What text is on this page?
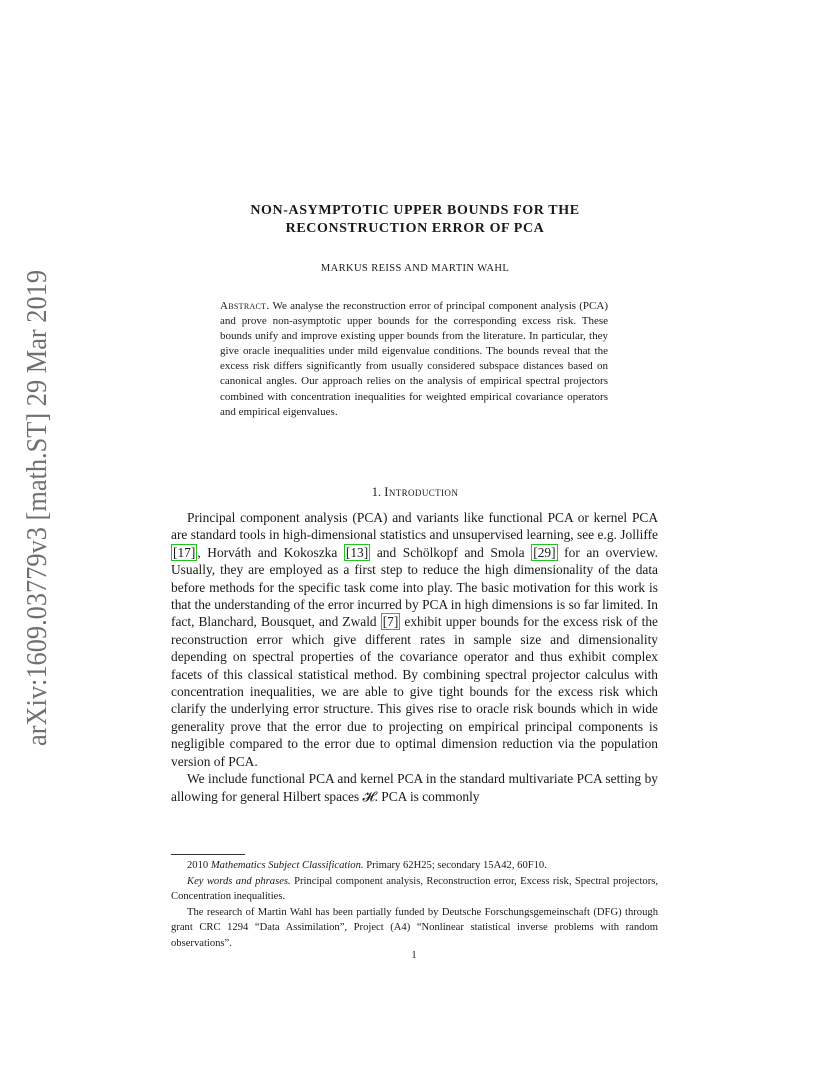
arXiv:1609.03779v3 [math.ST] 29 Mar 2019
NON-ASYMPTOTIC UPPER BOUNDS FOR THE
RECONSTRUCTION ERROR OF PCA
MARKUS REISS AND MARTIN WAHL
Abstract. We analyse the reconstruction error of principal component analysis (PCA) and prove non-asymptotic upper bounds for the corresponding excess risk. These bounds unify and improve existing upper bounds from the literature. In particular, they give oracle inequalities under mild eigenvalue conditions. The bounds reveal that the excess risk differs significantly from usually considered subspace distances based on canonical angles. Our approach relies on the analysis of empirical spectral projectors combined with concentration inequalities for weighted empirical covariance operators and empirical eigenvalues.
1. Introduction

Principal component analysis (PCA) and variants like functional PCA or kernel PCA are standard tools in high-dimensional statistics and unsupervised learning, see e.g. Jolliffe [17] , Horváth and Kokoszka [13] and Schölkopf and Smola [29] for an overview. Usually, they are employed as a first step to reduce the high dimensionality of the data before methods for the specific task come into play. The basic motivation for this work is that the understanding of the error incurred by PCA in high dimensions is so far limited. In fact, Blanchard, Bousquet, and Zwald [7] exhibit upper bounds for the excess risk of the reconstruction error which give different rates in sample size and dimensionality depending on spectral properties of the covariance operator and thus exhibit complex facets of this classical statistical method. By combining spectral projector calculus with concentration inequalities, we are able to give tight bounds for the excess risk which clarify the underlying error structure. This gives rise to oracle risk bounds which in wide generality prove that the error due to projecting on empirical principal components is negligible compared to the error due to optimal dimension reduction via the population version of PCA.

We include functional PCA and kernel PCA in the standard multivariate PCA setting by allowing for general Hilbert spaces 𝓗. PCA is commonly

2010 Mathematics Subject Classification. Primary 62H25; secondary 15A42, 60F10.

Key words and phrases. Principal component analysis, Reconstruction error, Excess risk, Spectral projectors, Concentration inequalities.

The research of Martin Wahl has been partially funded by Deutsche Forschungsgemeinschaft (DFG) through grant CRC 1294 “Data Assimilation”, Project (A4) “Nonlinear statistical inverse problems with random observations”.

1
